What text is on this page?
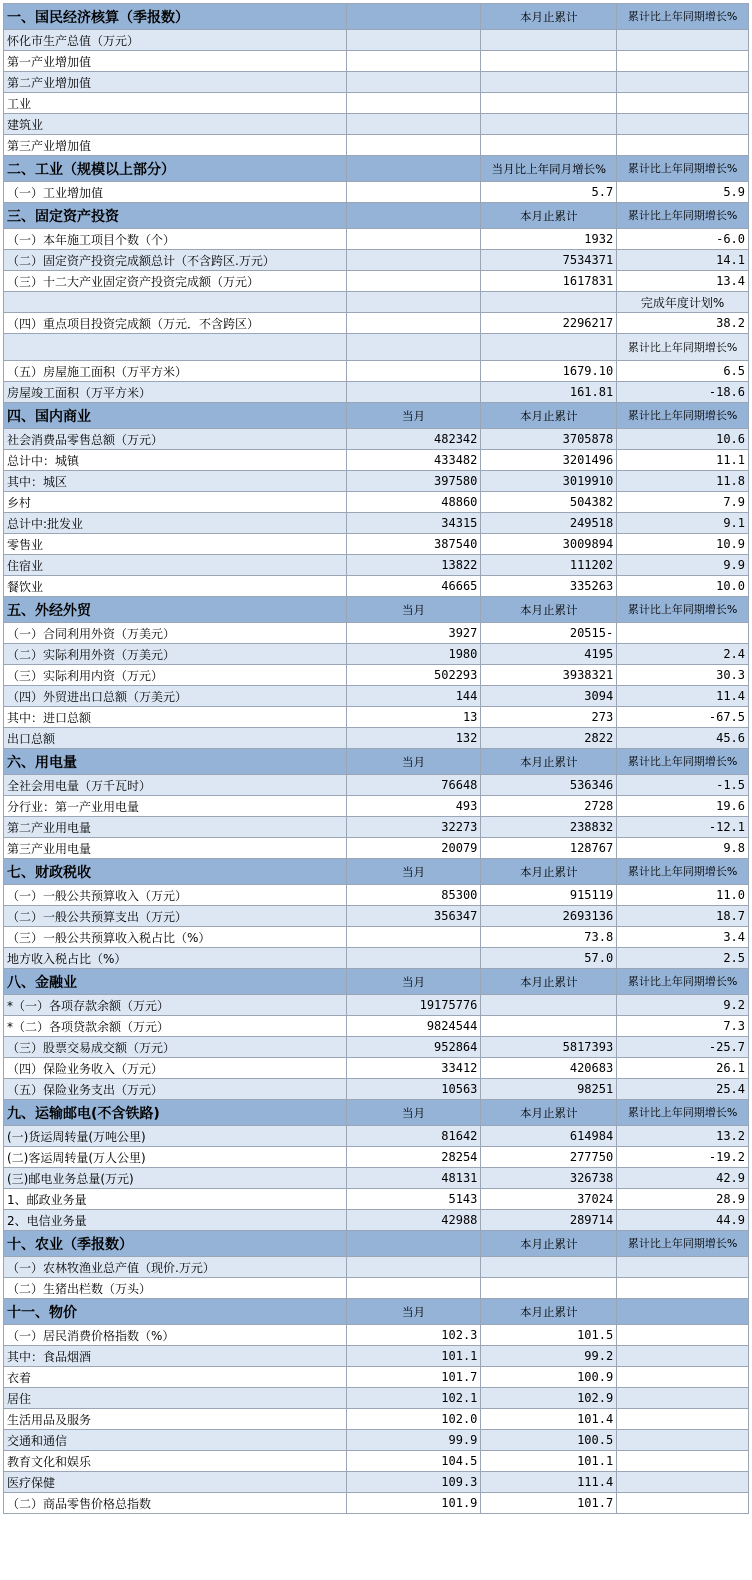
一、国民经济核算（季报数）		本月止累计	累计比上年同期增长%
怀化市生产总值（万元）			
第一产业增加值			
第二产业增加值			
工业			
建筑业			
第三产业增加值			
二、工业（规模以上部分）		当月比上年同月增长%	累计比上年同期增长%
（一）工业增加值		5.7	5.9
三、固定资产投资		本月止累计	累计比上年同期增长%
（一）本年施工项目个数（个）		1932	-6.0
（二）固定资产投资完成额总计（不含跨区.万元）		7534371	14.1
（三）十二大产业固定资产投资完成额（万元）		1617831	13.4
			完成年度计划%
（四）重点项目投资完成额（万元．不含跨区）		2296217	38.2
			累计比上年同期增长%
（五）房屋施工面积（万平方米）		1679.10	6.5
房屋竣工面积（万平方米）		161.81	-18.6
四、国内商业	当月	本月止累计	累计比上年同期增长%
社会消费品零售总额（万元）	482342	3705878	10.6
总计中：城镇	433482	3201496	11.1
其中：城区	397580	3019910	11.8
乡村	48860	504382	7.9
总计中:批发业	34315	249518	9.1
零售业	387540	3009894	10.9
住宿业	13822	111202	9.9
餐饮业	46665	335263	10.0
五、外经外贸	当月	本月止累计	累计比上年同期增长%
（一）合同利用外资（万美元）	3927	20515-	
（二）实际利用外资（万美元）	1980	4195	2.4
（三）实际利用内资（万元）	502293	3938321	30.3
（四）外贸进出口总额（万美元）	144	3094	11.4
其中：进口总额	13	273	-67.5
出口总额	132	2822	45.6
六、用电量	当月	本月止累计	累计比上年同期增长%
全社会用电量（万千瓦时）	76648	536346	-1.5
分行业：第一产业用电量	493	2728	19.6
第二产业用电量	32273	238832	-12.1
第三产业用电量	20079	128767	9.8
七、财政税收	当月	本月止累计	累计比上年同期增长%
（一）一般公共预算收入（万元）	85300	915119	11.0
（二）一般公共预算支出（万元）	356347	2693136	18.7
（三）一般公共预算收入税占比（%）		73.8	3.4
地方收入税占比（%）		57.0	2.5
八、金融业	当月	本月止累计	累计比上年同期增长%
*（一）各项存款余额（万元）	19175776		9.2
*（二）各项贷款余额（万元）	9824544		7.3
（三）股票交易成交额（万元）	952864	5817393	-25.7
（四）保险业务收入（万元）	33412	420683	26.1
（五）保险业务支出（万元）	10563	98251	25.4
九、运输邮电(不含铁路)	当月	本月止累计	累计比上年同期增长%
(一)货运周转量(万吨公里)	81642	614984	13.2
(二)客运周转量(万人公里)	28254	277750	-19.2
(三)邮电业务总量(万元)	48131	326738	42.9
1、邮政业务量	5143	37024	28.9
2、电信业务量	42988	289714	44.9
十、农业（季报数）		本月止累计	累计比上年同期增长%
（一）农林牧渔业总产值（现价.万元）			
（二）生猪出栏数（万头）			
十一、物价	当月	本月止累计	
（一）居民消费价格指数（%）	102.3	101.5	
其中：食品烟酒	101.1	99.2	
衣着	101.7	100.9	
居住	102.1	102.9	
生活用品及服务	102.0	101.4	
交通和通信	99.9	100.5	
教育文化和娱乐	104.5	101.1	
医疗保健	109.3	111.4	
（二）商品零售价格总指数	101.9	101.7	
